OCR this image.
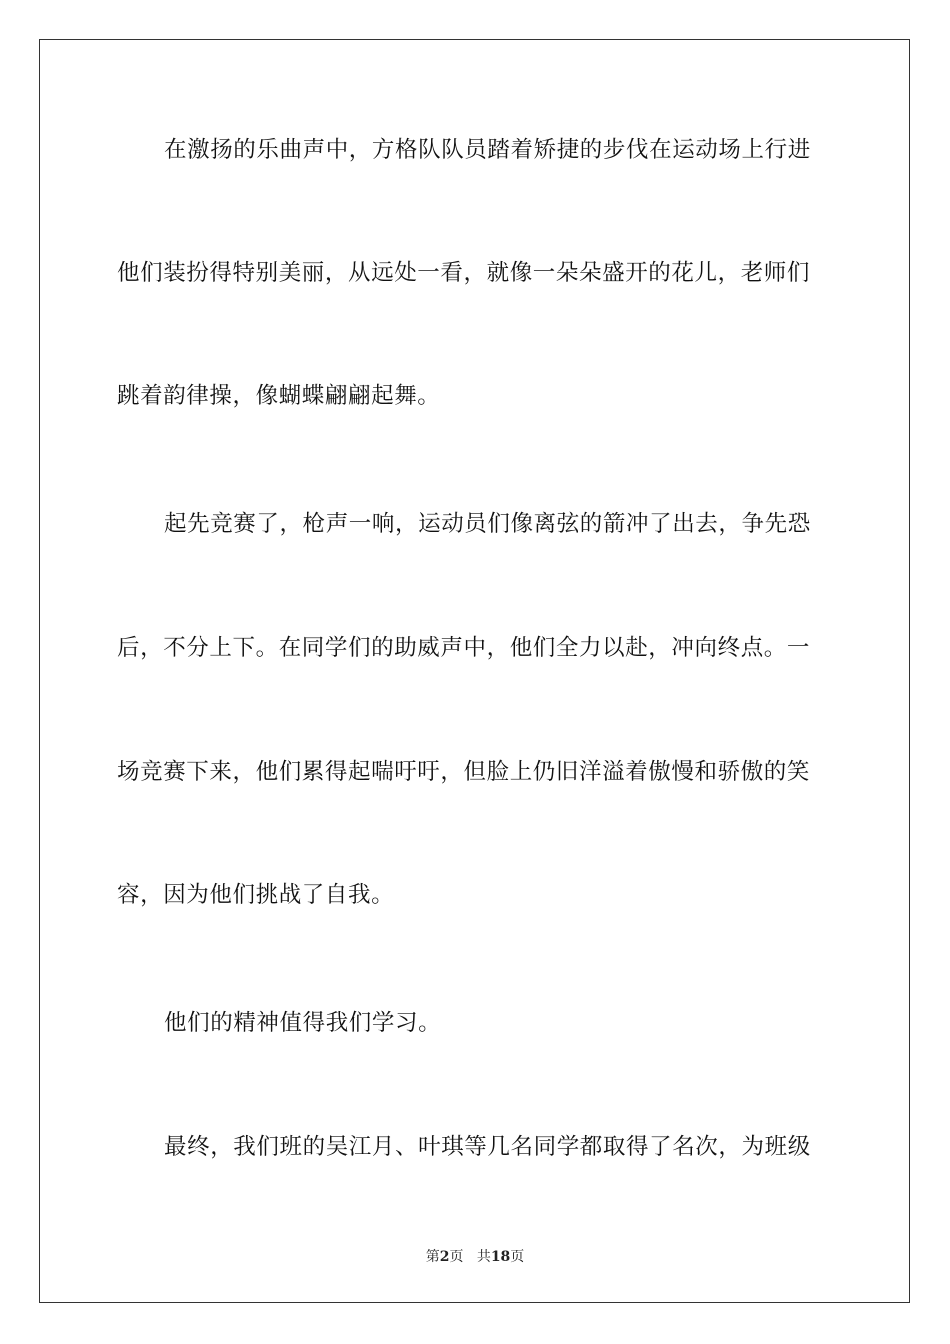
在激扬的乐曲声中，方格队队员踏着矫捷的步伐在运动场上行进
他们装扮得特别美丽，从远处一看，就像一朵朵盛开的花儿，老师们
跳着韵律操，像蝴蝶翩翩起舞。
起先竞赛了，枪声一响，运动员们像离弦的箭冲了出去，争先恐
后，不分上下。在同学们的助威声中，他们全力以赴，冲向终点。一
场竞赛下来，他们累得起喘吁吁，但脸上仍旧洋溢着傲慢和骄傲的笑
容，因为他们挑战了自我。
他们的精神值得我们学习。
最终，我们班的吴江月、叶琪等几名同学都取得了名次，为班级
第2页 共18页
